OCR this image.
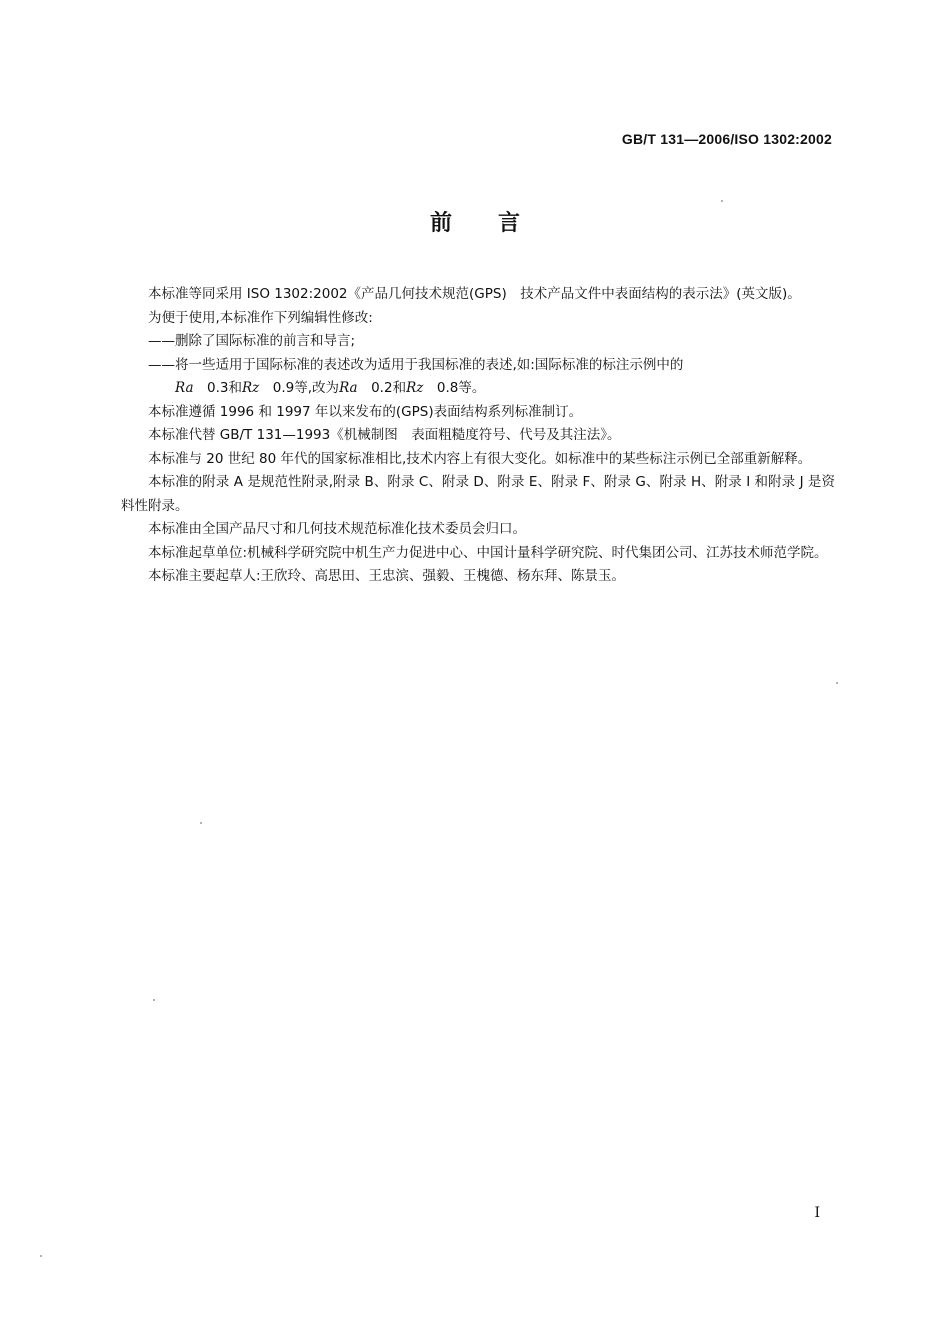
GB/T 131—2006/ISO 1302:2002
前言

本标准等同采用 ISO 1302:2002《产品几何技术规范(GPS)　技术产品文件中表面结构的表示法》(英文版)。

为便于使用,本标准作下列编辑性修改:

——删除了国际标准的前言和导言;

——将一些适用于国际标准的表述改为适用于我国标准的表述,如:国际标准的标注示例中的

Ra　0.3和Rz　0.9等,改为Ra　0.2和Rz　0.8等。

本标准遵循 1996 和 1997 年以来发布的(GPS)表面结构系列标准制订。

本标准代替 GB/T 131—1993《机械制图　表面粗糙度符号、代号及其注法》。

本标准与 20 世纪 80 年代的国家标准相比,技术内容上有很大变化。如标准中的某些标注示例已全部重新解释。

本标准的附录 A 是规范性附录,附录 B、附录 C、附录 D、附录 E、附录 F、附录 G、附录 H、附录 I 和附录 J 是资料性附录。

本标准由全国产品尺寸和几何技术规范标准化技术委员会归口。

本标准起草单位:机械科学研究院中机生产力促进中心、中国计量科学研究院、时代集团公司、江苏技术师范学院。

本标准主要起草人:王欣玲、高思田、王忠滨、强毅、王槐德、杨东拜、陈景玉。

I
